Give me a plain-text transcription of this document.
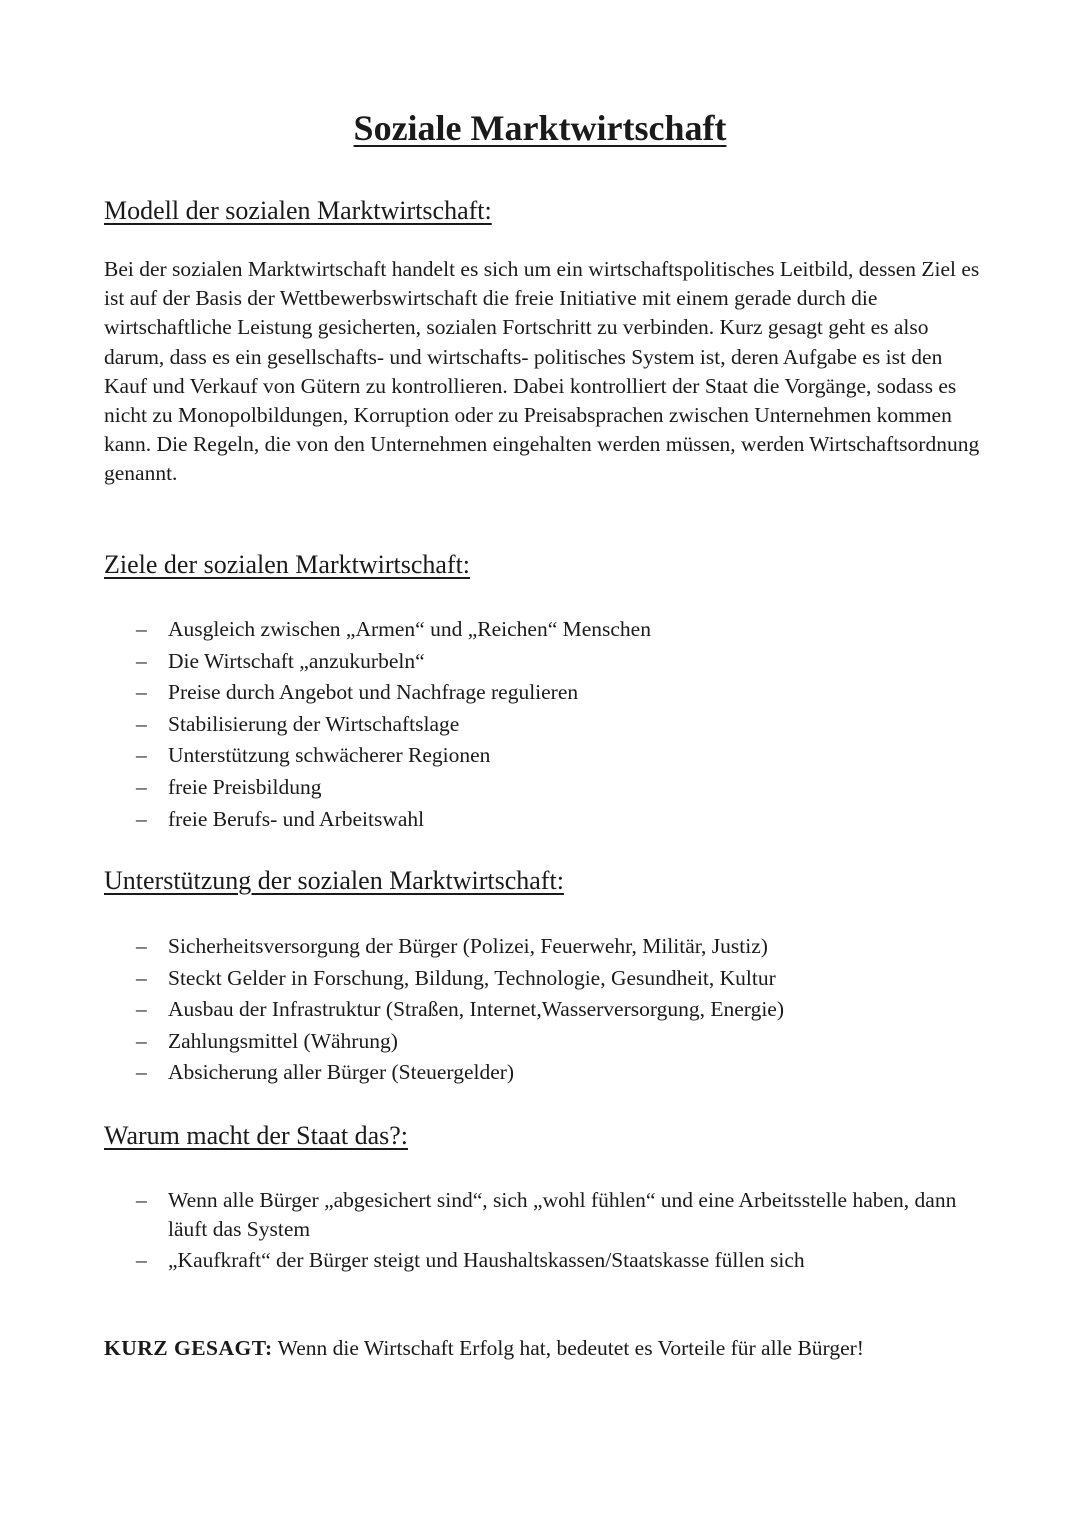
Soziale Marktwirtschaft
Modell der sozialen Marktwirtschaft:

Bei der sozialen Marktwirtschaft handelt es sich um ein wirtschaftspolitisches Leitbild, dessen Ziel es ist auf der Basis der Wettbewerbswirtschaft die freie Initiative mit einem gerade durch die wirtschaftliche Leistung gesicherten, sozialen Fortschritt zu verbinden. Kurz gesagt geht es also darum, dass es ein gesellschafts- und wirtschafts- politisches System ist, deren Aufgabe es ist den Kauf und Verkauf von Gütern zu kontrollieren. Dabei kontrolliert der Staat die Vorgänge, sodass es nicht zu Monopolbildungen, Korruption oder zu Preisabsprachen zwischen Unternehmen kommen kann. Die Regeln, die von den Unternehmen eingehalten werden müssen, werden Wirtschaftsordnung genannt.

Ziele der sozialen Marktwirtschaft:
– Ausgleich zwischen „Armen“ und „Reichen“ Menschen
– Die Wirtschaft „anzukurbeln“
– Preise durch Angebot und Nachfrage regulieren
– Stabilisierung der Wirtschaftslage
– Unterstützung schwächerer Regionen
– freie Preisbildung
– freie Berufs- und Arbeitswahl
Unterstützung der sozialen Marktwirtschaft:
– Sicherheitsversorgung der Bürger (Polizei, Feuerwehr, Militär, Justiz)
– Steckt Gelder in Forschung, Bildung, Technologie, Gesundheit, Kultur
– Ausbau der Infrastruktur (Straßen, Internet,Wasserversorgung, Energie)
– Zahlungsmittel (Währung)
– Absicherung aller Bürger (Steuergelder)
Warum macht der Staat das?:
– Wenn alle Bürger „abgesichert sind“, sich „wohl fühlen“ und eine Arbeitsstelle haben, dann läuft das System
– „Kaufkraft“ der Bürger steigt und Haushaltskassen/Staatskasse füllen sich

KURZ GESAGT: Wenn die Wirtschaft Erfolg hat, bedeutet es Vorteile für alle Bürger!
